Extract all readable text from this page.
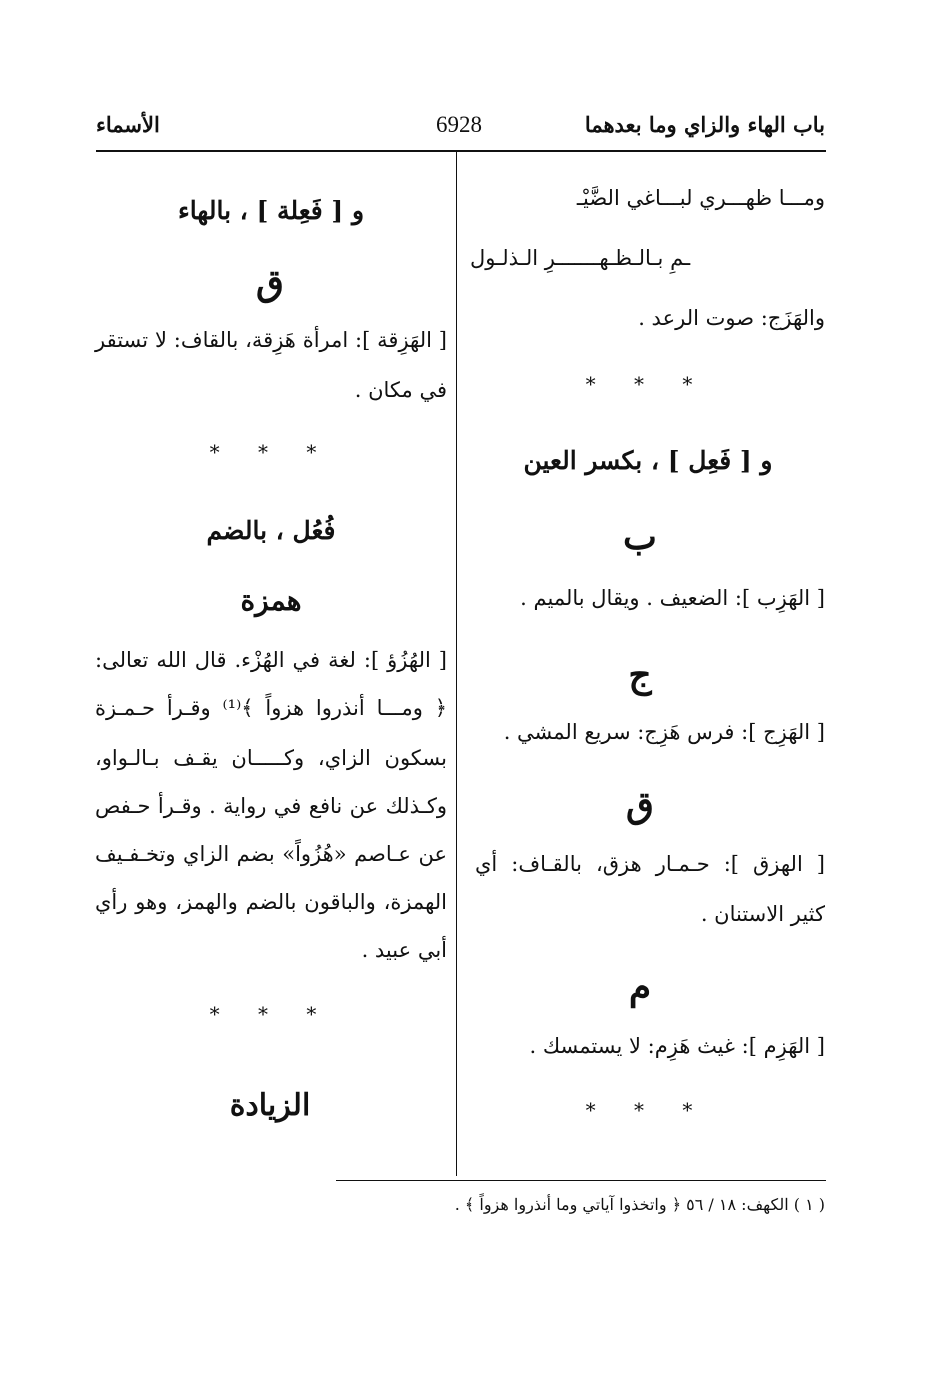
باب الهاء والزاي وما بعدهما
6928
الأسماء
ومـــا ظهـــري لبـــاغي الضَّيْـ
ـمِ بـالـظـهـــــــرِ الـذلـول
والهَزَج: صوت الرعد .
* * *
و [ فَعِل ] ، بكسر العين
ب
[ الهَزِب ]: الضعيف . ويقال بالميم .
ج
[ الهَزِج ]: فرس هَزِج: سريع المشي .
ق
[ الهزق ]: حـمـار هزق، بالقـاف: أي
كثير الاستنان .
م
[ الهَزِم ]: غيث هَزِم: لا يستمسك .
* * *
و [ فَعِلة ] ، بالهاء
ق
[ الهَزِقة ]: امرأة هَزِقة، بالقاف: لا تستقر
في مكان .
* * *
فُعُل ، بالضم
همزة
[ الهُزُؤ ]: لغة في الهُزْء. قال الله تعالى:
﴿ ومـــا أنذروا هزواً ﴾⁽¹⁾ وقـرأ حـمـزة
بسكون الزاي، وكـــــان يقـف بـالـواو،
وكـذلك عن نافع في رواية . وقـرأ حـفص
عن عـاصم «هُزُواً» بضم الزاي وتخـفـيف
الهمزة، والباقون بالضم والهمز، وهو رأي
أبي عبيد .
* * *
الزيادة
( ١ ) الكهف: ١٨ / ٥٦ ﴿ واتخذوا آياتي وما أنذروا هزواً ﴾ .
